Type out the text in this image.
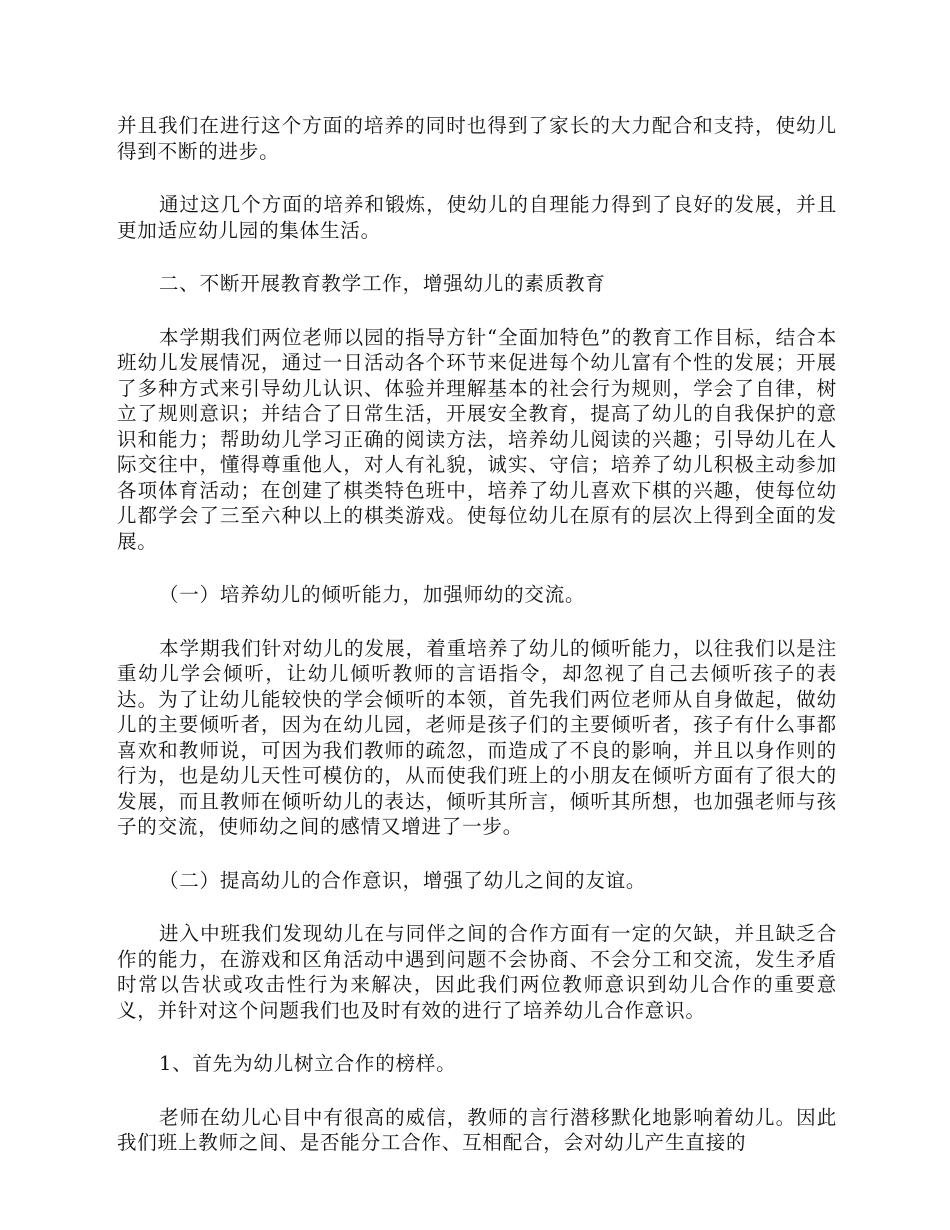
并且我们在进行这个方面的培养的同时也得到了家长的大力配合和支持，使幼儿得到不断的进步。

通过这几个方面的培养和锻炼，使幼儿的自理能力得到了良好的发展，并且更加适应幼儿园的集体生活。

二、不断开展教育教学工作，增强幼儿的素质教育

本学期我们两位老师以园的指导方针“全面加特色”的教育工作目标，结合本班幼儿发展情况，通过一日活动各个环节来促进每个幼儿富有个性的发展；开展了多种方式来引导幼儿认识、体验并理解基本的社会行为规则，学会了自律，树立了规则意识；并结合了日常生活，开展安全教育，提高了幼儿的自我保护的意识和能力；帮助幼儿学习正确的阅读方法，培养幼儿阅读的兴趣；引导幼儿在人际交往中，懂得尊重他人，对人有礼貌，诚实、守信；培养了幼儿积极主动参加各项体育活动；在创建了棋类特色班中，培养了幼儿喜欢下棋的兴趣，使每位幼儿都学会了三至六种以上的棋类游戏。使每位幼儿在原有的层次上得到全面的发展。

（一）培养幼儿的倾听能力，加强师幼的交流。

本学期我们针对幼儿的发展，着重培养了幼儿的倾听能力，以往我们以是注重幼儿学会倾听，让幼儿倾听教师的言语指令，却忽视了自己去倾听孩子的表达。为了让幼儿能较快的学会倾听的本领，首先我们两位老师从自身做起，做幼儿的主要倾听者，因为在幼儿园，老师是孩子们的主要倾听者，孩子有什么事都喜欢和教师说，可因为我们教师的疏忽，而造成了不良的影响，并且以身作则的行为，也是幼儿天性可模仿的，从而使我们班上的小朋友在倾听方面有了很大的发展，而且教师在倾听幼儿的表达，倾听其所言，倾听其所想，也加强老师与孩子的交流，使师幼之间的感情又增进了一步。

（二）提高幼儿的合作意识，增强了幼儿之间的友谊。

进入中班我们发现幼儿在与同伴之间的合作方面有一定的欠缺，并且缺乏合作的能力，在游戏和区角活动中遇到问题不会协商、不会分工和交流，发生矛盾时常以告状或攻击性行为来解决，因此我们两位教师意识到幼儿合作的重要意义，并针对这个问题我们也及时有效的进行了培养幼儿合作意识。

1、首先为幼儿树立合作的榜样。

老师在幼儿心目中有很高的威信，教师的言行潜移默化地影响着幼儿。因此我们班上教师之间、是否能分工合作、互相配合，会对幼儿产生直接的
